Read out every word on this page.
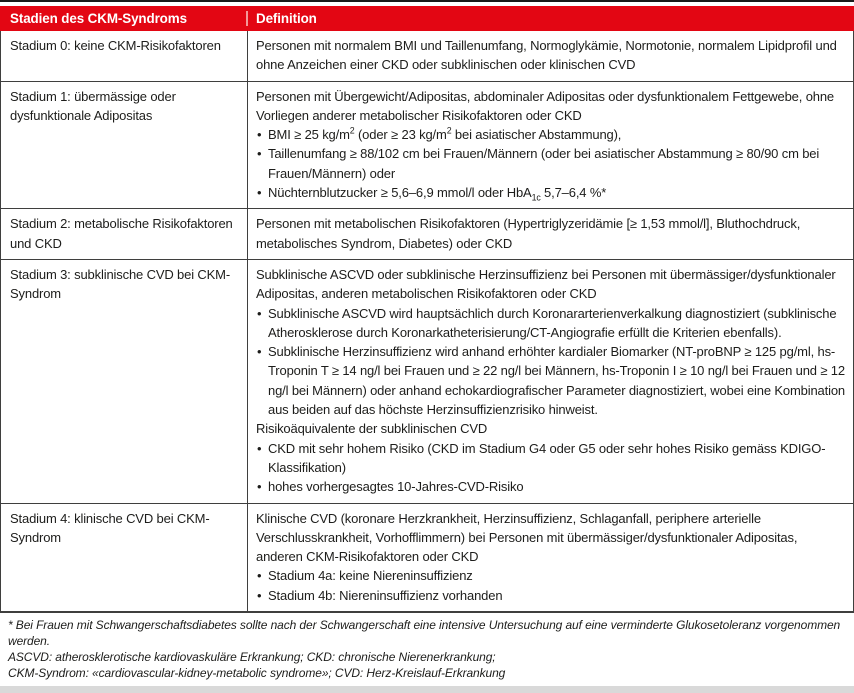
Stadien des CKM-Syndroms	Definition
Stadium 0: keine CKM-Risikofaktoren	Personen mit normalem BMI und Taillenumfang, Normoglykämie, Normotonie, normalem Lipidprofil und ohne Anzeichen einer CKD oder subklinischen oder klinischen CVD
Stadium 1: übermässige oder dysfunktionale Adipositas
Personen mit Übergewicht/Adipositas, abdominaler Adipositas oder dysfunktionalem Fettgewebe, ohne Vorliegen anderer metabolischer Risikofaktoren oder CKD
• BMI ≥ 25 $kg/m^2$ (oder ≥ 23 $kg/m^2$ bei asiatischer Abstammung),
• Taillenumfang ≥ 88/102 cm bei Frauen/Männern (oder bei asiatischer Abstammung ≥ 80/90 cm bei Frauen/Männern) oder
• Nüchternblutzucker ≥ 5,6–6,9 mmol/l oder HbA$_{1c}$ 5,7–6,4 %*
Stadium 2: metabolische Risikofaktoren und CKD
Personen mit metabolischen Risikofaktoren (Hypertriglyzeridämie [≥ 1,53 mmol/l], Bluthochdruck, metabolisches Syndrom, Diabetes) oder CKD
Stadium 3: subklinische CVD bei CKM-Syndrom
Subklinische ASCVD oder subklinische Herzinsuffizienz bei Personen mit übermässiger/dysfunktionaler Adipositas, anderen metabolischen Risikofaktoren oder CKD
• Subklinische ASCVD wird hauptsächlich durch Koronararterienverkalkung diagnostiziert (subklinische Atherosklerose durch Koronarkatheterisierung/CT-Angiografie erfüllt die Kriterien ebenfalls).
• Subklinische Herzinsuffizienz wird anhand erhöhter kardialer Biomarker (NT-proBNP ≥ 125 pg/ml, hs-Troponin T ≥ 14 ng/l bei Frauen und ≥ 22 ng/l bei Männern, hs-Troponin I ≥ 10 ng/l bei Frauen und ≥ 12 ng/l bei Männern) oder anhand echokardiografischer Parameter diagnostiziert, wobei eine Kombination aus beiden auf das höchste Herzinsuffizienzrisiko hinweist.
Risikoäquivalente der subklinischen CVD
• CKD mit sehr hohem Risiko (CKD im Stadium G4 oder G5 oder sehr hohes Risiko gemäss KDIGO-Klassifikation)
• hohes vorhergesagtes 10-Jahres-CVD-Risiko
Stadium 4: klinische CVD bei CKM-Syndrom
Klinische CVD (koronare Herzkrankheit, Herzinsuffizienz, Schlaganfall, periphere arterielle Verschlusskrankheit, Vorhofflimmern) bei Personen mit übermässiger/dysfunktionaler Adipositas, anderen CKM-Risikofaktoren oder CKD
• Stadium 4a: keine Niereninsuffizienz
• Stadium 4b: Niereninsuffizienz vorhanden
* Bei Frauen mit Schwangerschaftsdiabetes sollte nach der Schwangerschaft eine intensive Untersuchung auf eine verminderte Glukosetoleranz vorgenommen werden.
ASCVD: atherosklerotische kardiovaskuläre Erkrankung; CKD: chronische Nierenerkrankung;
CKM-Syndrom: «cardiovascular-kidney-metabolic syndrome»; CVD: Herz-Kreislauf-Erkrankung
